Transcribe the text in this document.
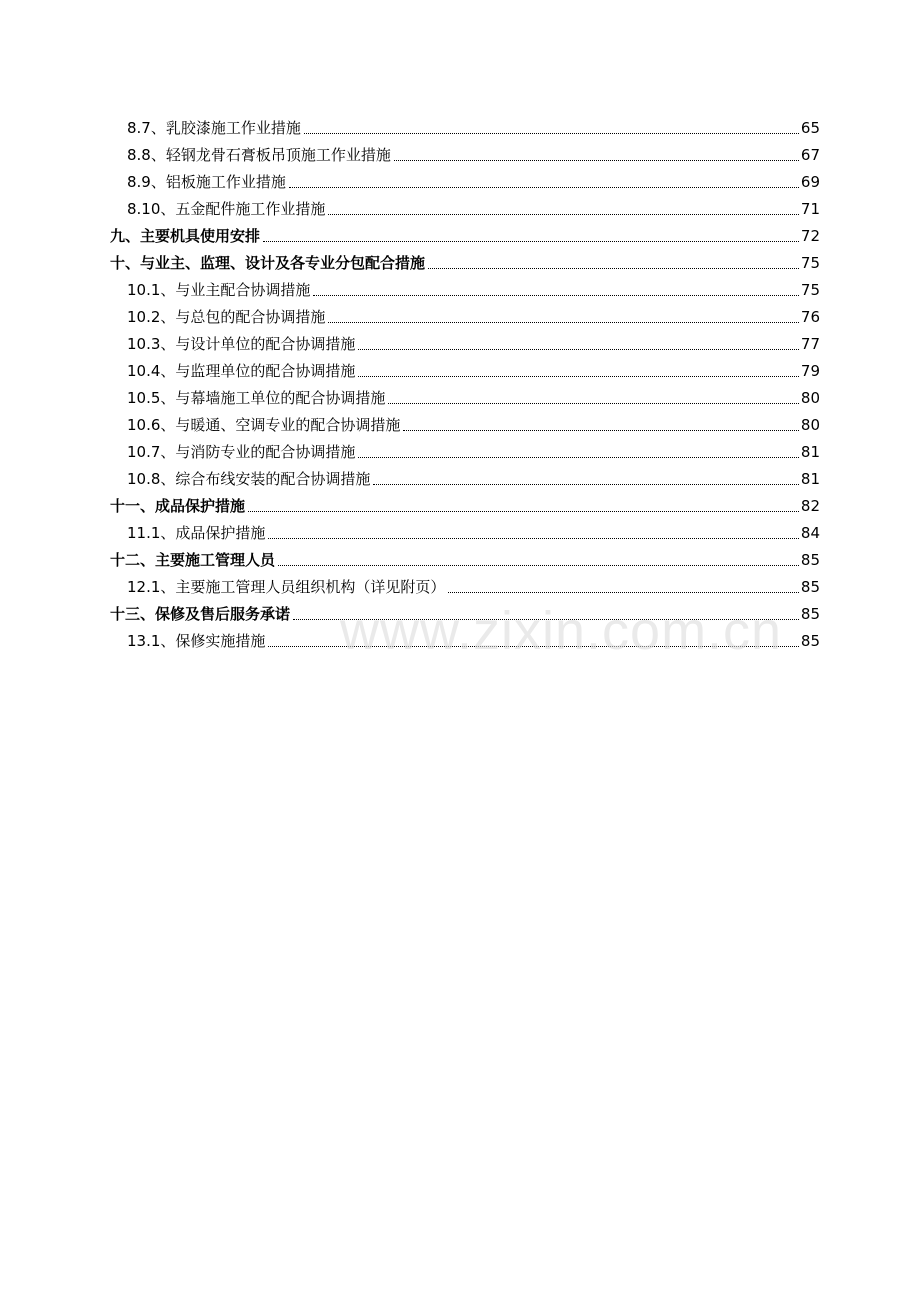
8.7、乳胶漆施工作业措施	65
8.8、轻钢龙骨石膏板吊顶施工作业措施	67
8.9、铝板施工作业措施	69
8.10、五金配件施工作业措施	71
九、主要机具使用安排	72
十、与业主、监理、设计及各专业分包配合措施	75
10.1、与业主配合协调措施	75
10.2、与总包的配合协调措施	76
10.3、与设计单位的配合协调措施	77
10.4、与监理单位的配合协调措施	79
10.5、与幕墙施工单位的配合协调措施	80
10.6、与暖通、空调专业的配合协调措施	80
10.7、与消防专业的配合协调措施	81
10.8、综合布线安装的配合协调措施	81
十一、成品保护措施	82
11.1、成品保护措施	84
十二、主要施工管理人员	85
12.1、主要施工管理人员组织机构（详见附页）	85
十三、保修及售后服务承诺	85
13.1、保修实施措施	85
www.zixin.com.cn
